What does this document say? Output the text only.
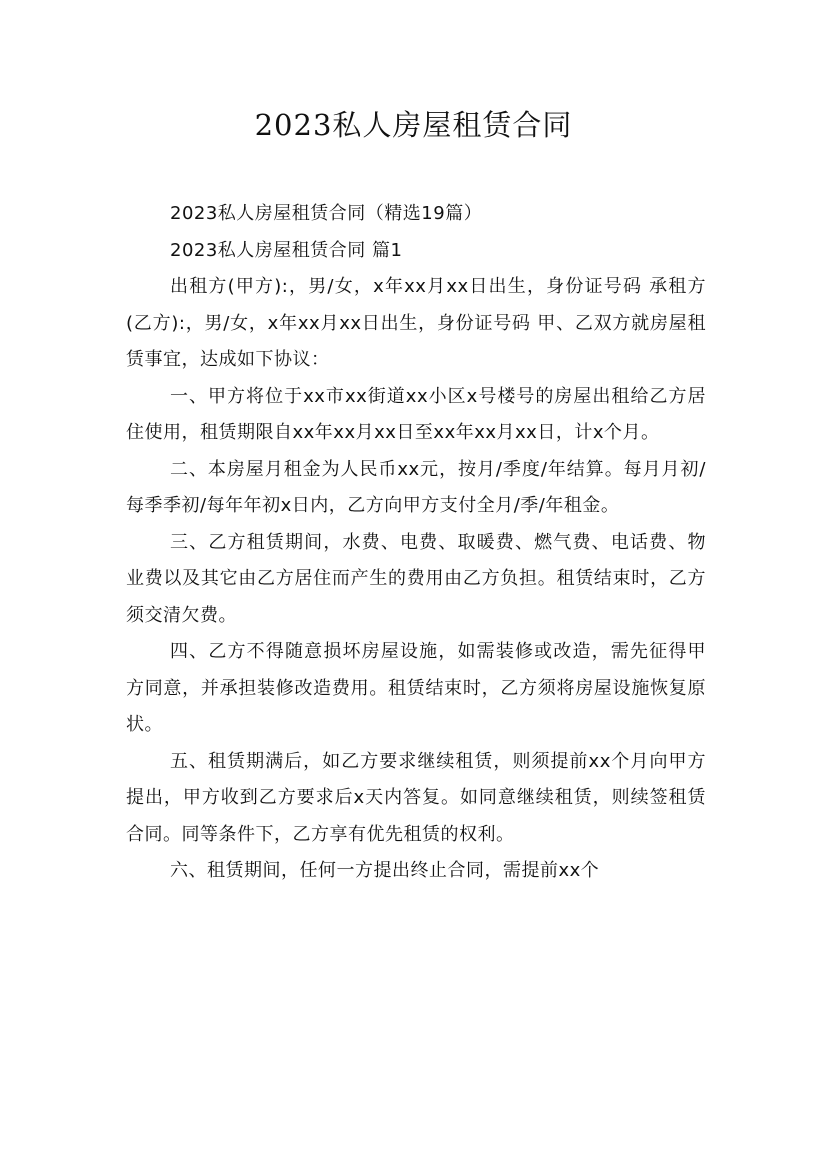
2023私人房屋租赁合同

2023私人房屋租赁合同（精选19篇）

2023私人房屋租赁合同 篇1

出租方(甲方):，男/女，x年xx月xx日出生，身份证号码 承租方(乙方):，男/女，x年xx月xx日出生，身份证号码 甲、乙双方就房屋租赁事宜，达成如下协议：

一、甲方将位于xx市xx街道xx小区x号楼号的房屋出租给乙方居住使用，租赁期限自xx年xx月xx日至xx年xx月xx日，计x个月。

二、本房屋月租金为人民币xx元，按月/季度/年结算。每月月初/每季季初/每年年初x日内，乙方向甲方支付全月/季/年租金。

三、乙方租赁期间，水费、电费、取暖费、燃气费、电话费、物业费以及其它由乙方居住而产生的费用由乙方负担。租赁结束时，乙方须交清欠费。

四、乙方不得随意损坏房屋设施，如需装修或改造，需先征得甲方同意，并承担装修改造费用。租赁结束时，乙方须将房屋设施恢复原状。

五、租赁期满后，如乙方要求继续租赁，则须提前xx个月向甲方提出，甲方收到乙方要求后x天内答复。如同意继续租赁，则续签租赁合同。同等条件下，乙方享有优先租赁的权利。

六、租赁期间，任何一方提出终止合同，需提前xx个
